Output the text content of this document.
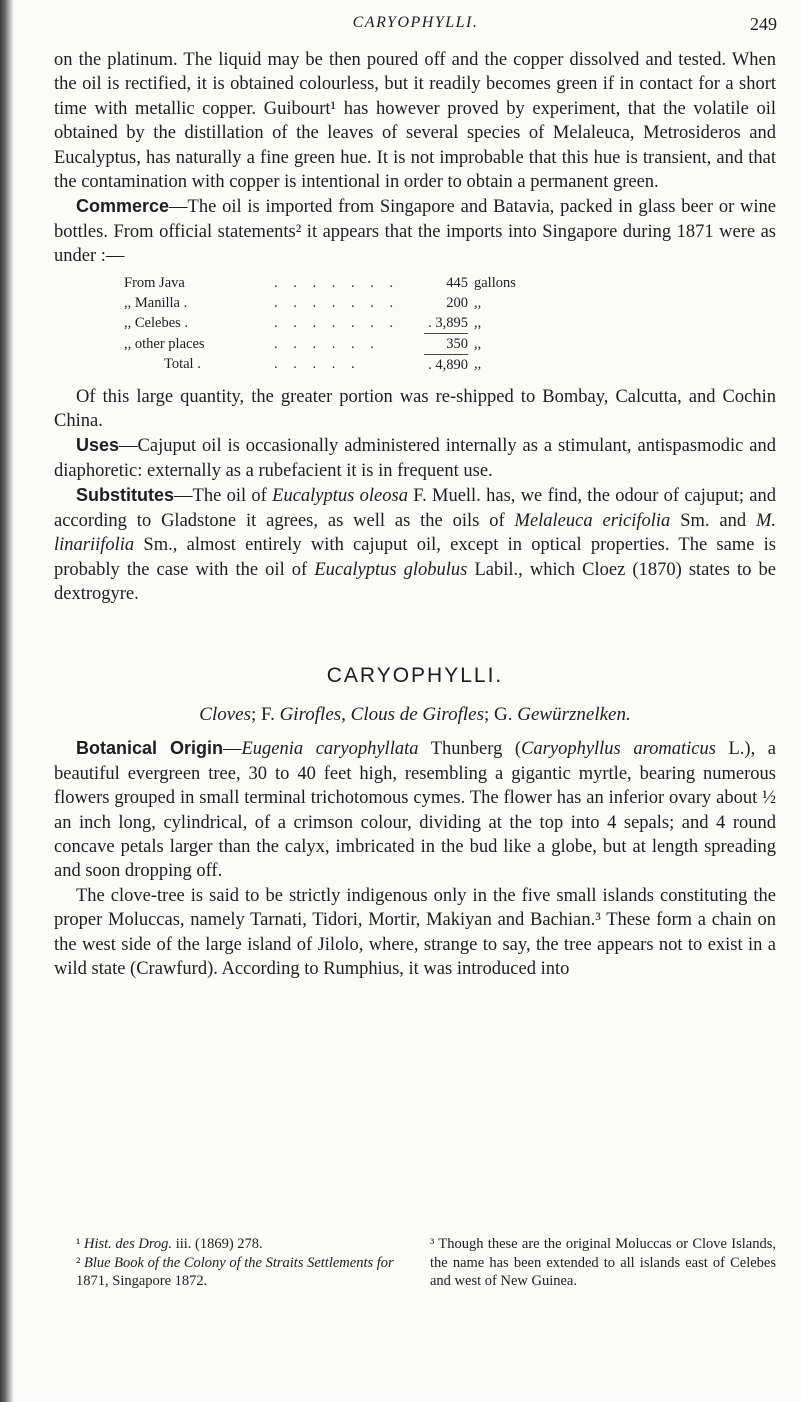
CARYOPHYLLI.	249

on the platinum. The liquid may be then poured off and the copper dissolved and tested. When the oil is rectified, it is obtained colourless, but it readily becomes green if in contact for a short time with metallic copper. Guibourt¹ has however proved by experiment, that the volatile oil obtained by the distillation of the leaves of several species of Melaleuca, Metrosideros and Eucalyptus, has naturally a fine green hue. It is not improbable that this hue is transient, and that the contamination with copper is intentional in order to obtain a permanent green.

Commerce—The oil is imported from Singapore and Batavia, packed in glass beer or wine bottles. From official statements² it appears that the imports into Singapore during 1871 were as under :—

From Java	. . . . . . .	445	gallons
,, Manilla .	. . . . . . .	200	,,
,, Celebes .	. . . . . . .	. 3,895	,,
,, other places	. . . . . .	350	,,
Total .	. . . . .	. 4,890	,,

Of this large quantity, the greater portion was re-shipped to Bombay, Calcutta, and Cochin China.

Uses—Cajuput oil is occasionally administered internally as a stimulant, antispasmodic and diaphoretic: externally as a rubefacient it is in frequent use.

Substitutes—The oil of Eucalyptus oleosa F. Muell. has, we find, the odour of cajuput; and according to Gladstone it agrees, as well as the oils of Melaleuca ericifolia Sm. and M. linariifolia Sm., almost entirely with cajuput oil, except in optical properties. The same is probably the case with the oil of Eucalyptus globulus Labil., which Cloez (1870) states to be dextrogyre.

CARYOPHYLLI.
Cloves; F. Girofles, Clous de Girofles; G. Gewürznelken.

Botanical Origin—Eugenia caryophyllata Thunberg (Caryophyllus aromaticus L.), a beautiful evergreen tree, 30 to 40 feet high, resembling a gigantic myrtle, bearing numerous flowers grouped in small terminal trichotomous cymes. The flower has an inferior ovary about ½ an inch long, cylindrical, of a crimson colour, dividing at the top into 4 sepals; and 4 round concave petals larger than the calyx, imbricated in the bud like a globe, but at length spreading and soon dropping off.

The clove-tree is said to be strictly indigenous only in the five small islands constituting the proper Moluccas, namely Tarnati, Tidori, Mortir, Makiyan and Bachian.³ These form a chain on the west side of the large island of Jilolo, where, strange to say, the tree appears not to exist in a wild state (Crawfurd). According to Rumphius, it was introduced into

¹ Hist. des Drog. iii. (1869) 278.
² Blue Book of the Colony of the Straits Settlements for 1871, Singapore 1872.
³ Though these are the original Moluccas or Clove Islands, the name has been extended to all islands east of Celebes and west of New Guinea.
